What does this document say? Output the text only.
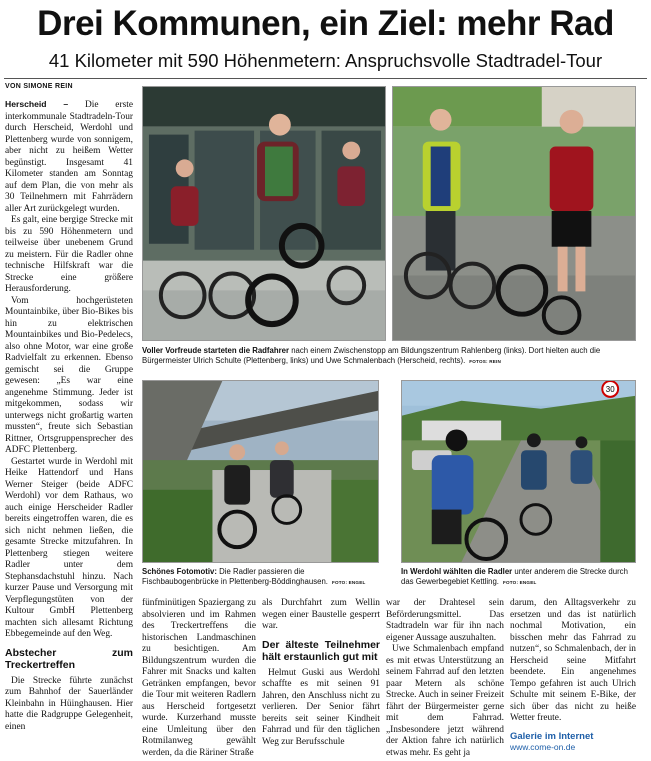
Drei Kommunen, ein Ziel: mehr Rad
41 Kilometer mit 590 Höhenmetern: Anspruchsvolle Stadtradel-Tour
VON SIMONE REIN

Herscheid – Die erste interkommunale Stadtradeln-Tour durch Herscheid, Werdohl und Plettenberg wurde von sonnigem, aber nicht zu heißem Wetter begünstigt. Insgesamt 41 Kilometer standen am Sonntag auf dem Plan, die von mehr als 30 Teilnehmern mit Fahrrädern aller Art zurückgelegt wurden.

Es galt, eine bergige Strecke mit bis zu 590 Höhenmetern und teilweise über unebenem Grund zu meistern. Für die Radler ohne technische Hilfskraft war die Strecke eine größere Herausforderung.

Vom hochgerüsteten Mountainbike, über Bio-Bikes bis hin zu elektrischen Mountainbikes und Bio-Pedelecs, also ohne Motor, war eine große Radvielfalt zu erkennen. Ebenso gemischt sei die Gruppe gewesen: „Es war eine angenehme Stimmung. Jeder ist mitgekommen, sodass wir unterwegs nicht großartig warten mussten“, freute sich Sebastian Rittner, Ortsgruppensprecher des ADFC Plettenberg.

Gestartet wurde in Werdohl mit Heike Hattendorf und Hans Werner Steiger (beide ADFC Werdohl) vor dem Rathaus, wo auch einige Herscheider Radler bereits eingetroffen waren, die es sich nicht nehmen ließen, die gesamte Strecke mitzufahren. In Plettenberg stiegen weitere Radler unter dem Stephansdachstuhl hinzu. Nach kurzer Pause und Versorgung mit Verpflegungstüten von der Kultour GmbH Plettenberg machten sich allesamt Richtung Ebbegemeinde auf den Weg.

Abstecher zum Treckertreffen

Die Strecke führte zunächst zum Bahnhof der Sauerländer Kleinbahn in Hüinghausen. Hier hatte die Radgruppe Gelegenheit, einen

Voller Vorfreude starteten die Radfahrer nach einem Zwischenstopp am Bildungszentrum Rahlenberg (links). Dort hielten auch die Bürgermeister Ulrich Schulte (Plettenberg, links) und Uwe Schmalenbach (Herscheid, rechts). FOTOS: REIN
30
Schönes Fotomotiv: Die Radler passieren die Fischbaubogenbrücke in Plettenberg-Böddinghausen. FOTO: ENGEL
In Werdohl wählten die Radler unter anderem die Strecke durch das Gewerbegebiet Kettling. FOTO: ENGEL

fünfminütigen Spaziergang zu absolvieren und im Rahmen des Treckertreffens die historischen Landmaschinen zu besichtigen. Am Bildungszentrum wurden die Fahrer mit Snacks und kalten Getränken empfangen, bevor die Tour mit weiteren Radlern aus Herscheid fortgesetzt wurde. Kurzerhand musste eine Umleitung über den Rotmilanweg gewählt werden, da die Räriner Straße

als Durchfahrt zum Wellin wegen einer Baustelle gesperrt war.

Der älteste Teilnehmer hält erstaunlich gut mit

Helmut Guski aus Werdohl schaffte es mit seinen 91 Jahren, den Anschluss nicht zu verlieren. Der Senior fährt bereits seit seiner Kindheit Fahrrad und für den täglichen Weg zur Berufsschule

war der Drahtesel sein Beförderungsmittel. Das Stadtradeln war für ihn nach eigener Aussage auszuhalten.

Uwe Schmalenbach empfand es mit etwas Unterstützung an seinem Fahrrad auf den letzten paar Metern als schöne Strecke. Auch in seiner Freizeit fährt der Bürgermeister gerne mit dem Fahrrad. „Insbesondere jetzt während der Aktion fahre ich natürlich etwas mehr. Es geht ja

darum, den Alltagsverkehr zu ersetzen und das ist natürlich nochmal Motivation, ein bisschen mehr das Fahrrad zu nutzen“, so Schmalenbach, der in Herscheid seine Mitfahrt beendete. Ein angenehmes Tempo gefahren ist auch Ulrich Schulte mit seinem E-Bike, der sich über das nicht zu heiße Wetter freute.

Galerie im Internet
www.come-on.de
